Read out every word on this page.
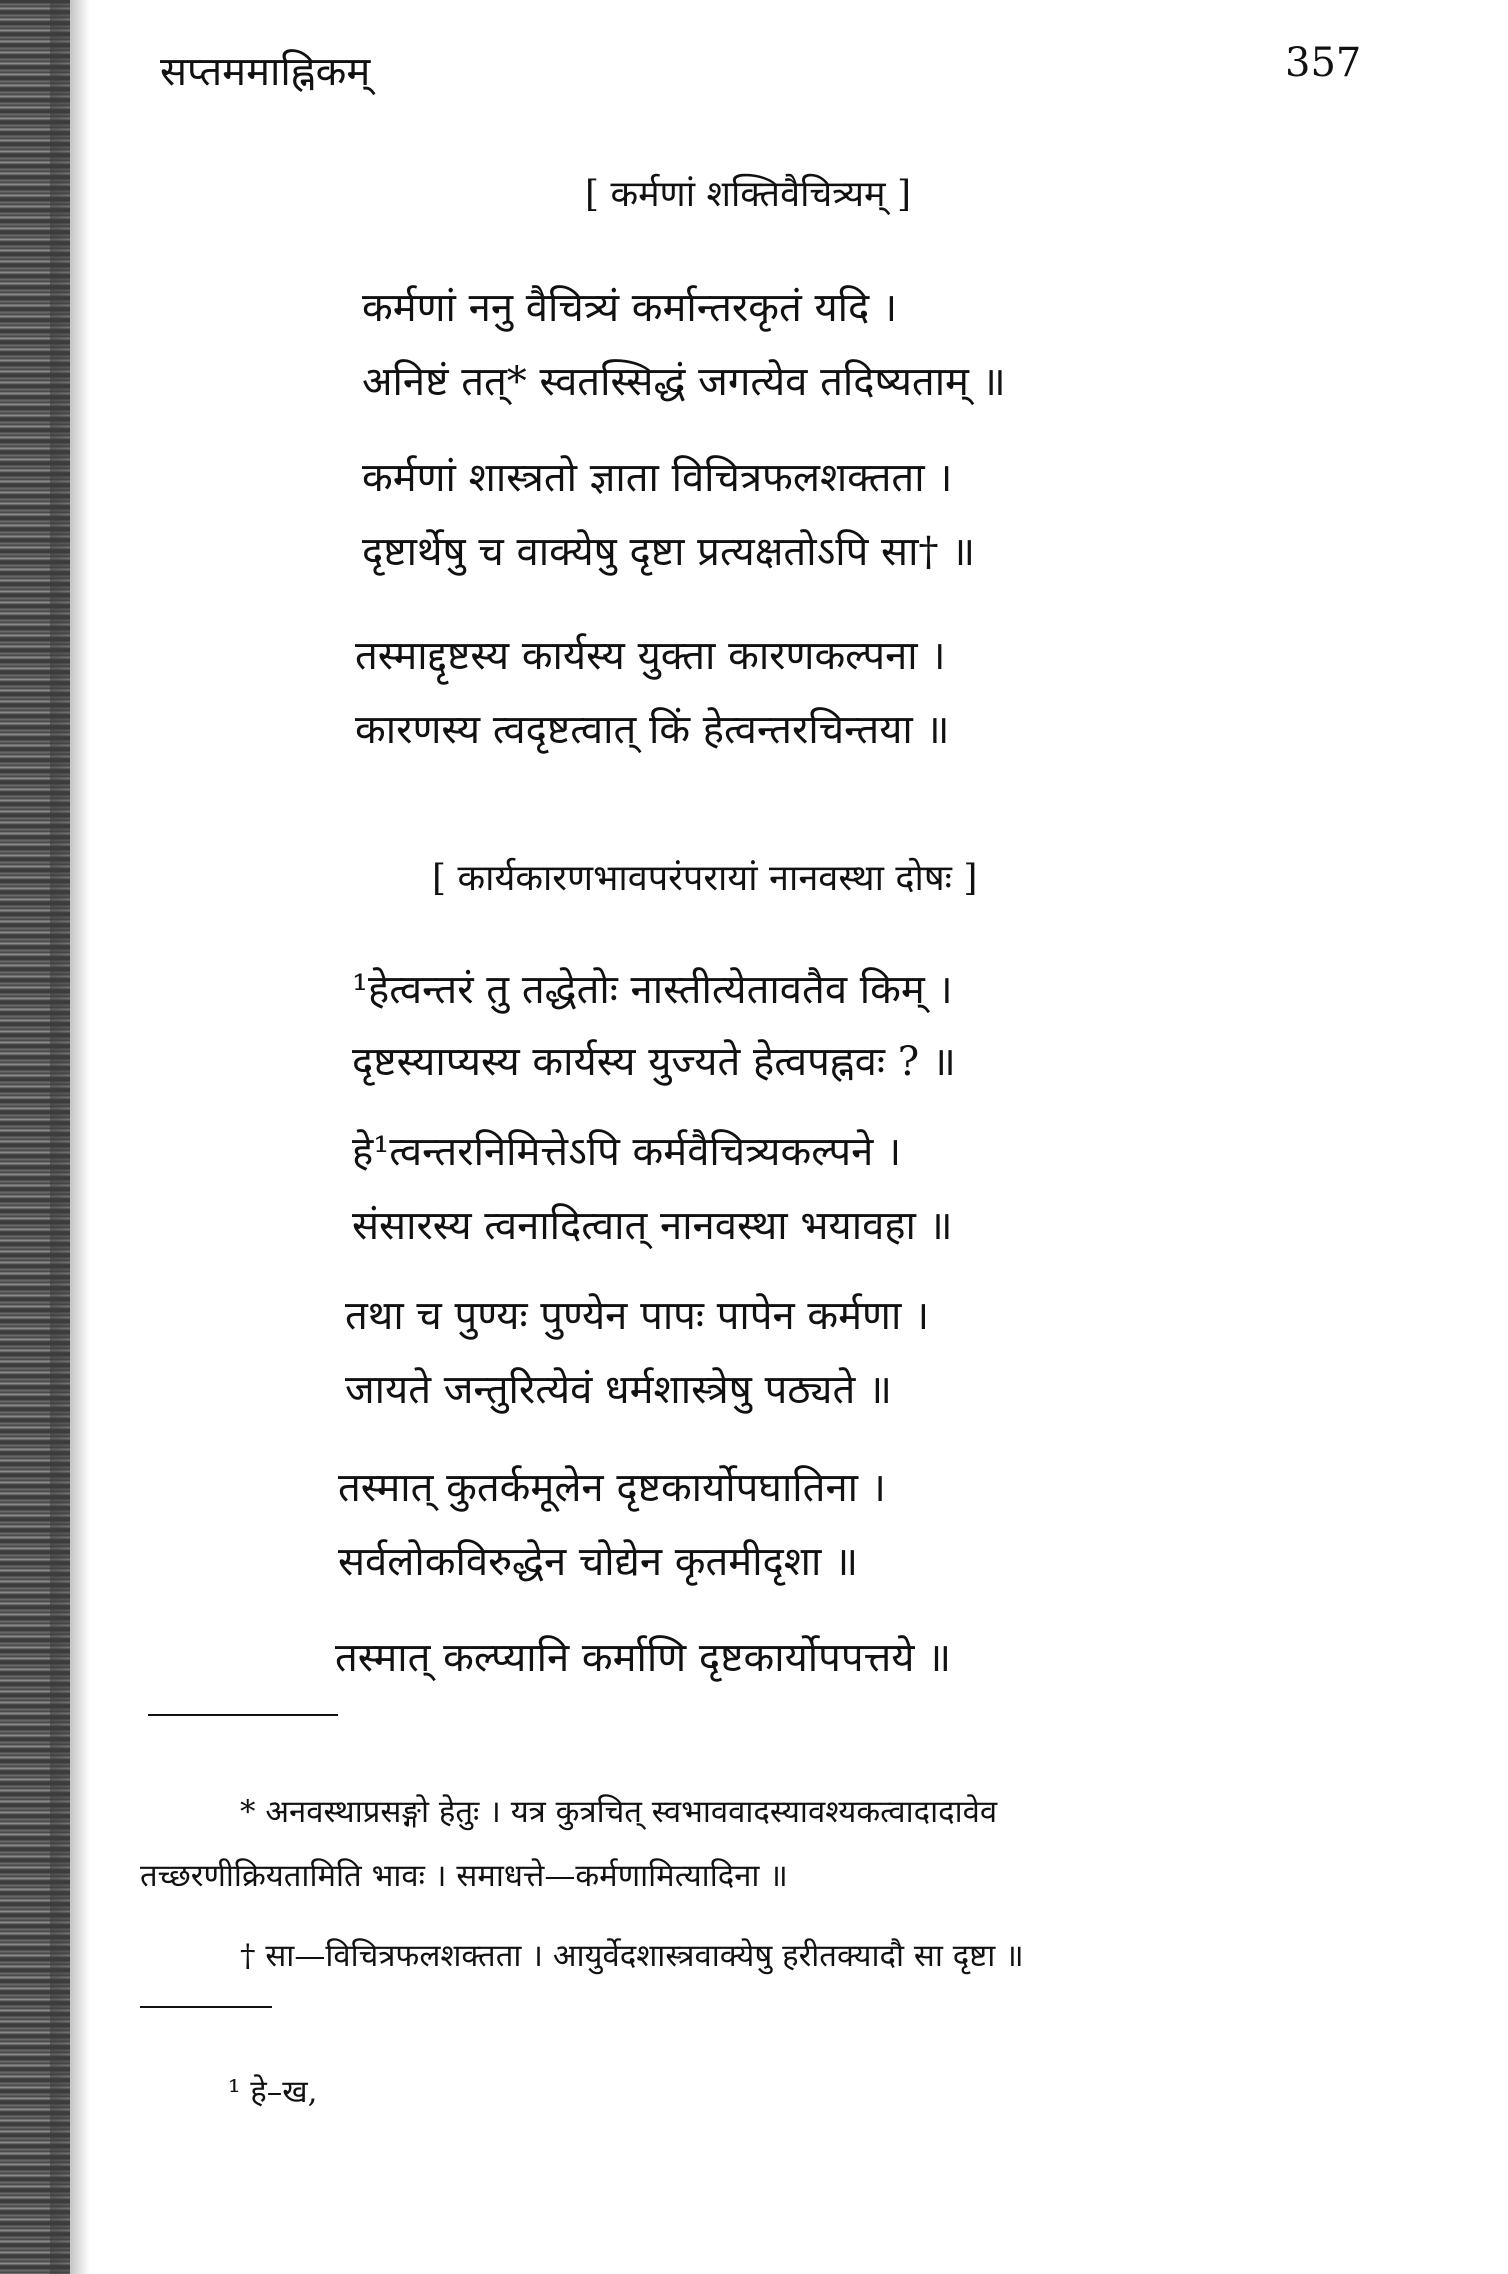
सप्तममाह्निकम्	357
[ कर्मणां शक्तिवैचित्र्यम् ]
कर्मणां ननु वैचित्र्यं कर्मान्तरकृतं यदि ।
अनिष्टं तत्* स्वतस्सिद्धं जगत्येव तदिष्यताम् ॥
कर्मणां शास्त्रतो ज्ञाता विचित्रफलशक्तता ।
दृष्टार्थेषु च वाक्येषु दृष्टा प्रत्यक्षतोऽपि सा† ॥
तस्माद्दृष्टस्य कार्यस्य युक्ता कारणकल्पना ।
कारणस्य त्वदृष्टत्वात् किं हेत्वन्तरचिन्तया ॥
[ कार्यकारणभावपरंपरायां नानवस्था दोषः ]
¹हेत्वन्तरं तु तद्धेतोः नास्तीत्येतावतैव किम् ।
दृष्टस्याप्यस्य कार्यस्य युज्यते हेत्वपह्नवः ? ॥
हे¹त्वन्तरनिमित्तेऽपि कर्मवैचित्र्यकल्पने ।
संसारस्य त्वनादित्वात् नानवस्था भयावहा ॥
तथा च पुण्यः पुण्येन पापः पापेन कर्मणा ।
जायते जन्तुरित्येवं धर्मशास्त्रेषु पठ्यते ॥
तस्मात् कुतर्कमूलेन दृष्टकार्योपघातिना ।
सर्वलोकविरुद्धेन चोद्येन कृतमीदृशा ॥
तस्मात् कल्प्यानि कर्माणि दृष्टकार्योपपत्तये ॥
* अनवस्थाप्रसङ्गो हेतुः । यत्र कुत्रचित् स्वभाववादस्यावश्यकत्वादादावेव
तच्छरणीक्रियतामिति भावः । समाधत्ते—कर्मणामित्यादिना ॥
† सा—विचित्रफलशक्तता । आयुर्वेदशास्त्रवाक्येषु हरीतक्यादौ सा दृष्टा ॥
¹ हे–ख,
